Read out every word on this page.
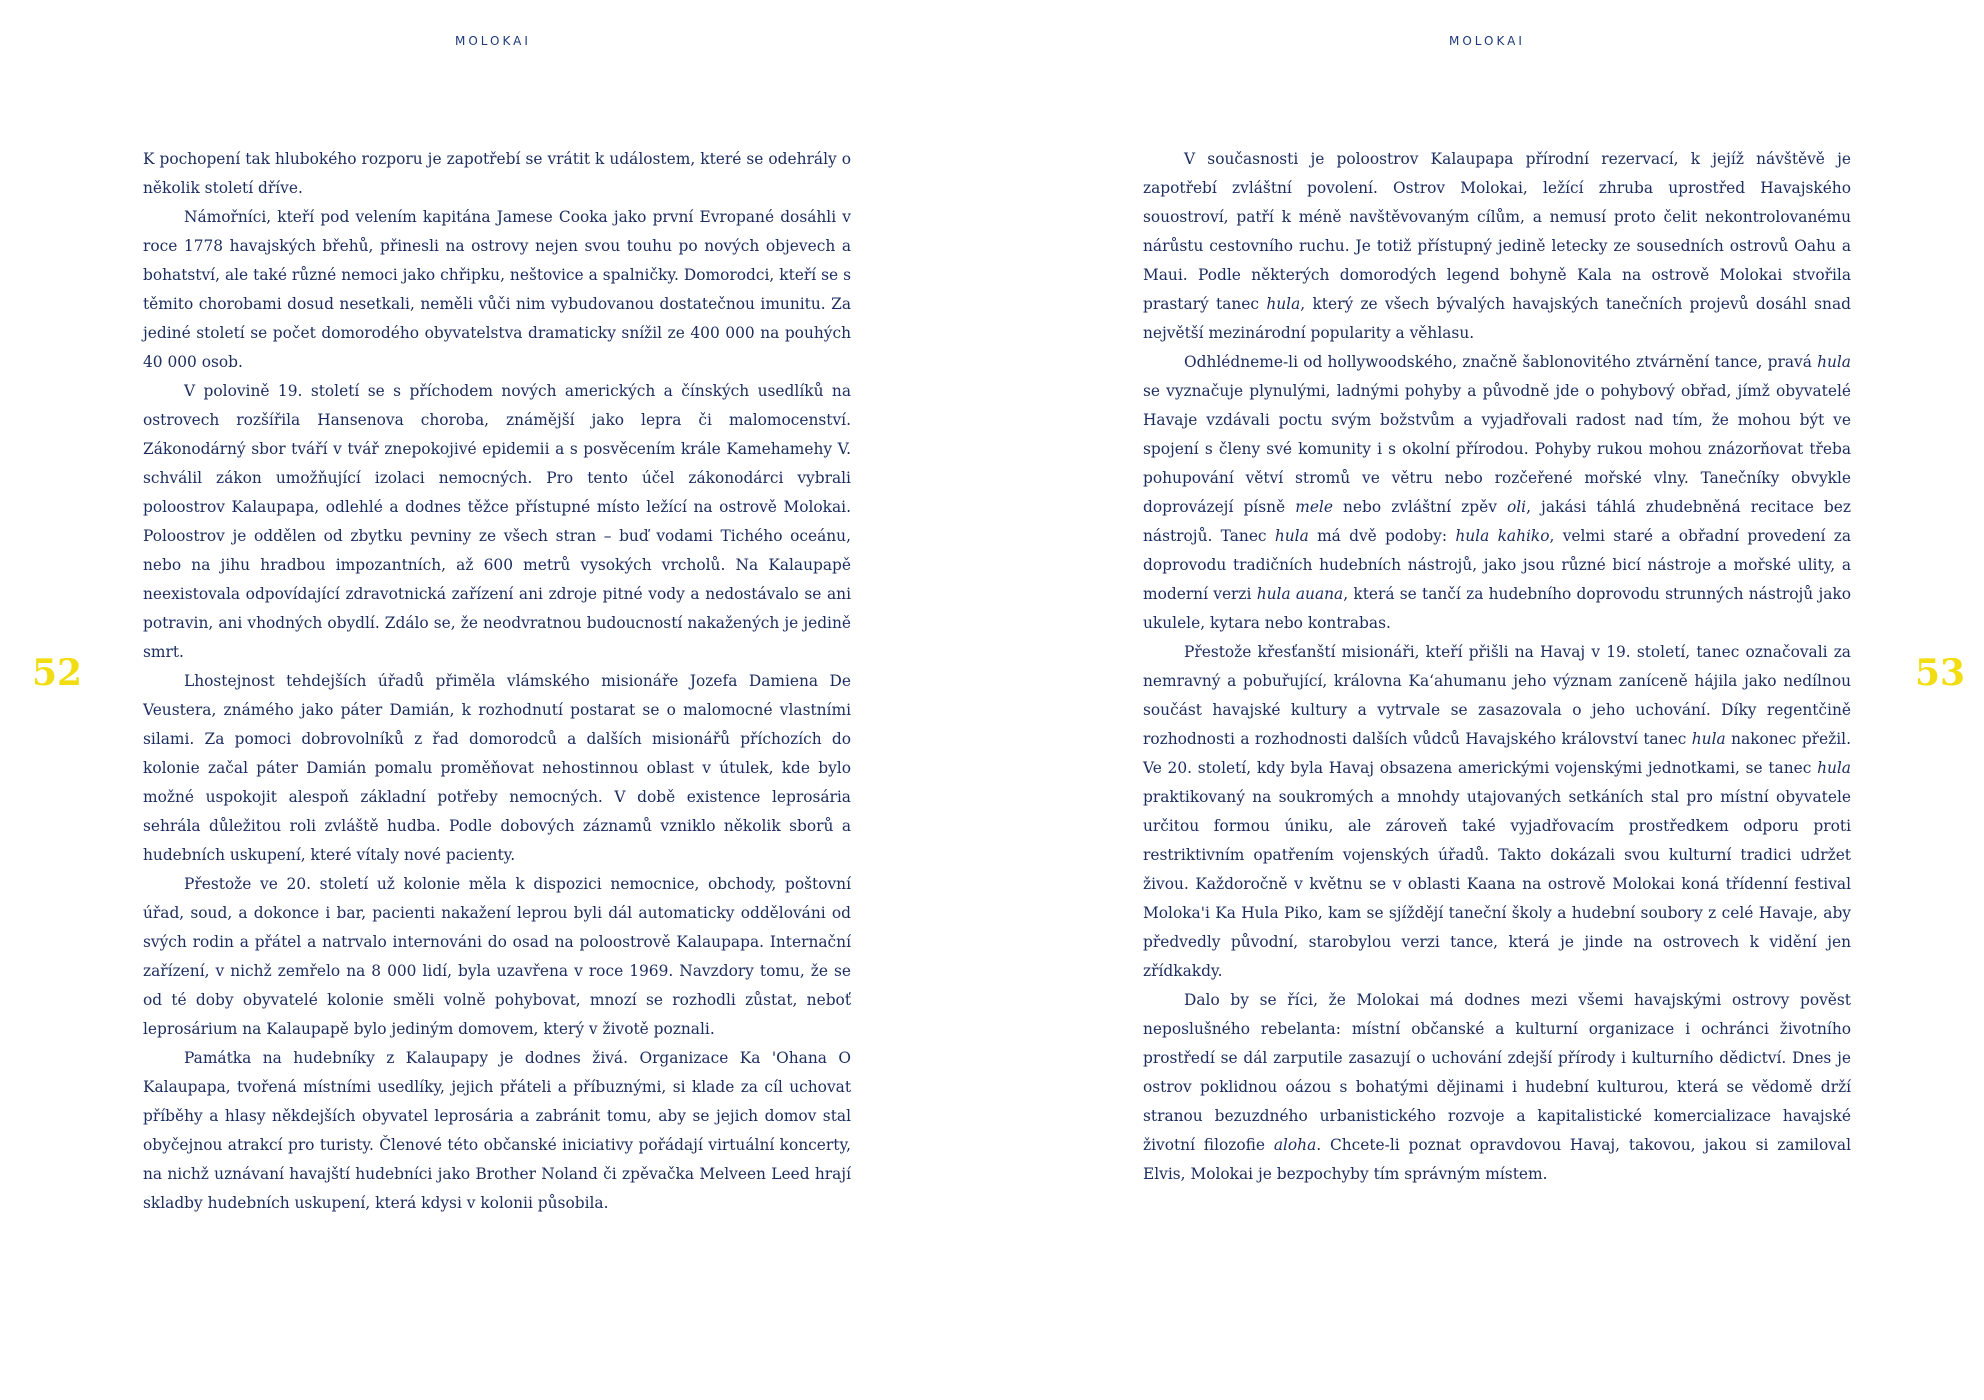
MOLOKAI
52

K pochopení tak hlubokého rozporu je zapotřebí se vrátit k událostem, které se odehrály o několik století dříve.

Námořníci, kteří pod velením kapitána Jamese Cooka jako první Evropané dosáhli v roce 1778 havajských břehů, přinesli na ostrovy nejen svou touhu po nových objevech a bohatství, ale také různé nemoci jako chřipku, neštovice a spalničky. Domorodci, kteří se s těmito chorobami dosud nesetkali, neměli vůči nim vybudovanou dostatečnou imunitu. Za jediné století se počet domorodého obyvatelstva dramaticky snížil ze 400 000 na pouhých 40 000 osob.

V polovině 19. století se s příchodem nových amerických a čínských usedlíků na ostrovech rozšířila Hansenova choroba, známější jako lepra či malomocenství. Zákonodárný sbor tváří v tvář znepokojivé epidemii a s posvěcením krále Kamehamehy V. schválil zákon umožňující izolaci nemocných. Pro tento účel zákonodárci vybrali poloostrov Kalaupapa, odlehlé a dodnes těžce přístupné místo ležící na ostrově Molokai. Poloostrov je oddělen od zbytku pevniny ze všech stran – buď vodami Tichého oceánu, nebo na jihu hradbou impozantních, až 600 metrů vysokých vrcholů. Na Kalaupapě neexistovala odpovídající zdravotnická zařízení ani zdroje pitné vody a nedostávalo se ani potravin, ani vhodných obydlí. Zdálo se, že neodvratnou budoucností nakažených je jedině smrt.

Lhostejnost tehdejších úřadů přiměla vlámského misionáře Jozefa Damiena De Veustera, známého jako páter Damián, k rozhodnutí postarat se o malomocné vlastními silami. Za pomoci dobrovolníků z řad domorodců a dalších misionářů příchozích do kolonie začal páter Damián pomalu proměňovat nehostinnou oblast v útulek, kde bylo možné uspokojit alespoň základní potřeby nemocných. V době existence leprosária sehrála důležitou roli zvláště hudba. Podle dobových záznamů vzniklo několik sborů a hudebních uskupení, které vítaly nové pacienty.

Přestože ve 20. století už kolonie měla k dispozici nemocnice, obchody, poštovní úřad, soud, a dokonce i bar, pacienti nakažení leprou byli dál automaticky oddělováni od svých rodin a přátel a natrvalo internováni do osad na poloostrově Kalaupapa. Internační zařízení, v nichž zemřelo na 8 000 lidí, byla uzavřena v roce 1969. Navzdory tomu, že se od té doby obyvatelé kolonie směli volně pohybovat, mnozí se rozhodli zůstat, neboť leprosárium na Kalaupapě bylo jediným domovem, který v životě poznali.

Památka na hudebníky z Kalaupapy je dodnes živá. Organizace Ka 'Ohana O Kalaupapa, tvořená místními usedlíky, jejich přáteli a příbuznými, si klade za cíl uchovat příběhy a hlasy někdejších obyvatel leprosária a zabránit tomu, aby se jejich domov stal obyčejnou atrakcí pro turisty. Členové této občanské iniciativy pořádají virtuální koncerty, na nichž uznávaní havajští hudebníci jako Brother Noland či zpěvačka Melveen Leed hrají skladby hudebních uskupení, která kdysi v kolonii působila.

MOLOKAI
53

V současnosti je poloostrov Kalaupapa přírodní rezervací, k jejíž návštěvě je zapotřebí zvláštní povolení. Ostrov Molokai, ležící zhruba uprostřed Havajského souostroví, patří k méně navštěvovaným cílům, a nemusí proto čelit nekontrolovanému nárůstu cestovního ruchu. Je totiž přístupný jedině letecky ze sousedních ostrovů Oahu a Maui. Podle některých domorodých legend bohyně Kala na ostrově Molokai stvořila prastarý tanec hula, který ze všech bývalých havajských tanečních projevů dosáhl snad největší mezinárodní popularity a věhlasu.

Odhlédneme-li od hollywoodského, značně šablonovitého ztvárnění tance, pravá hula se vyznačuje plynulými, ladnými pohyby a původně jde o pohybový obřad, jímž obyvatelé Havaje vzdávali poctu svým božstvům a vyjadřovali radost nad tím, že mohou být ve spojení s členy své komunity i s okolní přírodou. Pohyby rukou mohou znázorňovat třeba pohupování větví stromů ve větru nebo rozčeřené mořské vlny. Tanečníky obvykle doprovázejí písně mele nebo zvláštní zpěv oli, jakási táhlá zhudebněná recitace bez nástrojů. Tanec hula má dvě podoby: hula kahiko, velmi staré a obřadní provedení za doprovodu tradičních hudebních nástrojů, jako jsou různé bicí nástroje a mořské ulity, a moderní verzi hula auana, která se tančí za hudebního doprovodu strunných nástrojů jako ukulele, kytara nebo kontrabas.

Přestože křesťanští misionáři, kteří přišli na Havaj v 19. století, tanec označovali za nemravný a pobuřující, královna Kaʻahumanu jeho význam zaníceně hájila jako nedílnou součást havajské kultury a vytrvale se zasazovala o jeho uchování. Díky regentčině rozhodnosti a rozhodnosti dalších vůdců Havajského království tanec hula nakonec přežil. Ve 20. století, kdy byla Havaj obsazena americkými vojenskými jednotkami, se tanec hula praktikovaný na soukromých a mnohdy utajovaných setkáních stal pro místní obyvatele určitou formou úniku, ale zároveň také vyjadřovacím prostředkem odporu proti restriktivním opatřením vojenských úřadů. Takto dokázali svou kulturní tradici udržet živou. Každoročně v květnu se v oblasti Kaana na ostrově Molokai koná třídenní festival Moloka'i Ka Hula Piko, kam se sjíždějí taneční školy a hudební soubory z celé Havaje, aby předvedly původní, starobylou verzi tance, která je jinde na ostrovech k vidění jen zřídkakdy.

Dalo by se říci, že Molokai má dodnes mezi všemi havajskými ostrovy pověst neposlušného rebelanta: místní občanské a kulturní organizace i ochránci životního prostředí se dál zarputile zasazují o uchování zdejší přírody i kulturního dědictví. Dnes je ostrov poklidnou oázou s bohatými dějinami i hudební kulturou, která se vědomě drží stranou bezuzdného urbanistického rozvoje a kapitalistické komercializace havajské životní filozofie aloha. Chcete-li poznat opravdovou Havaj, takovou, jakou si zamiloval Elvis, Molokai je bezpochyby tím správným místem.
